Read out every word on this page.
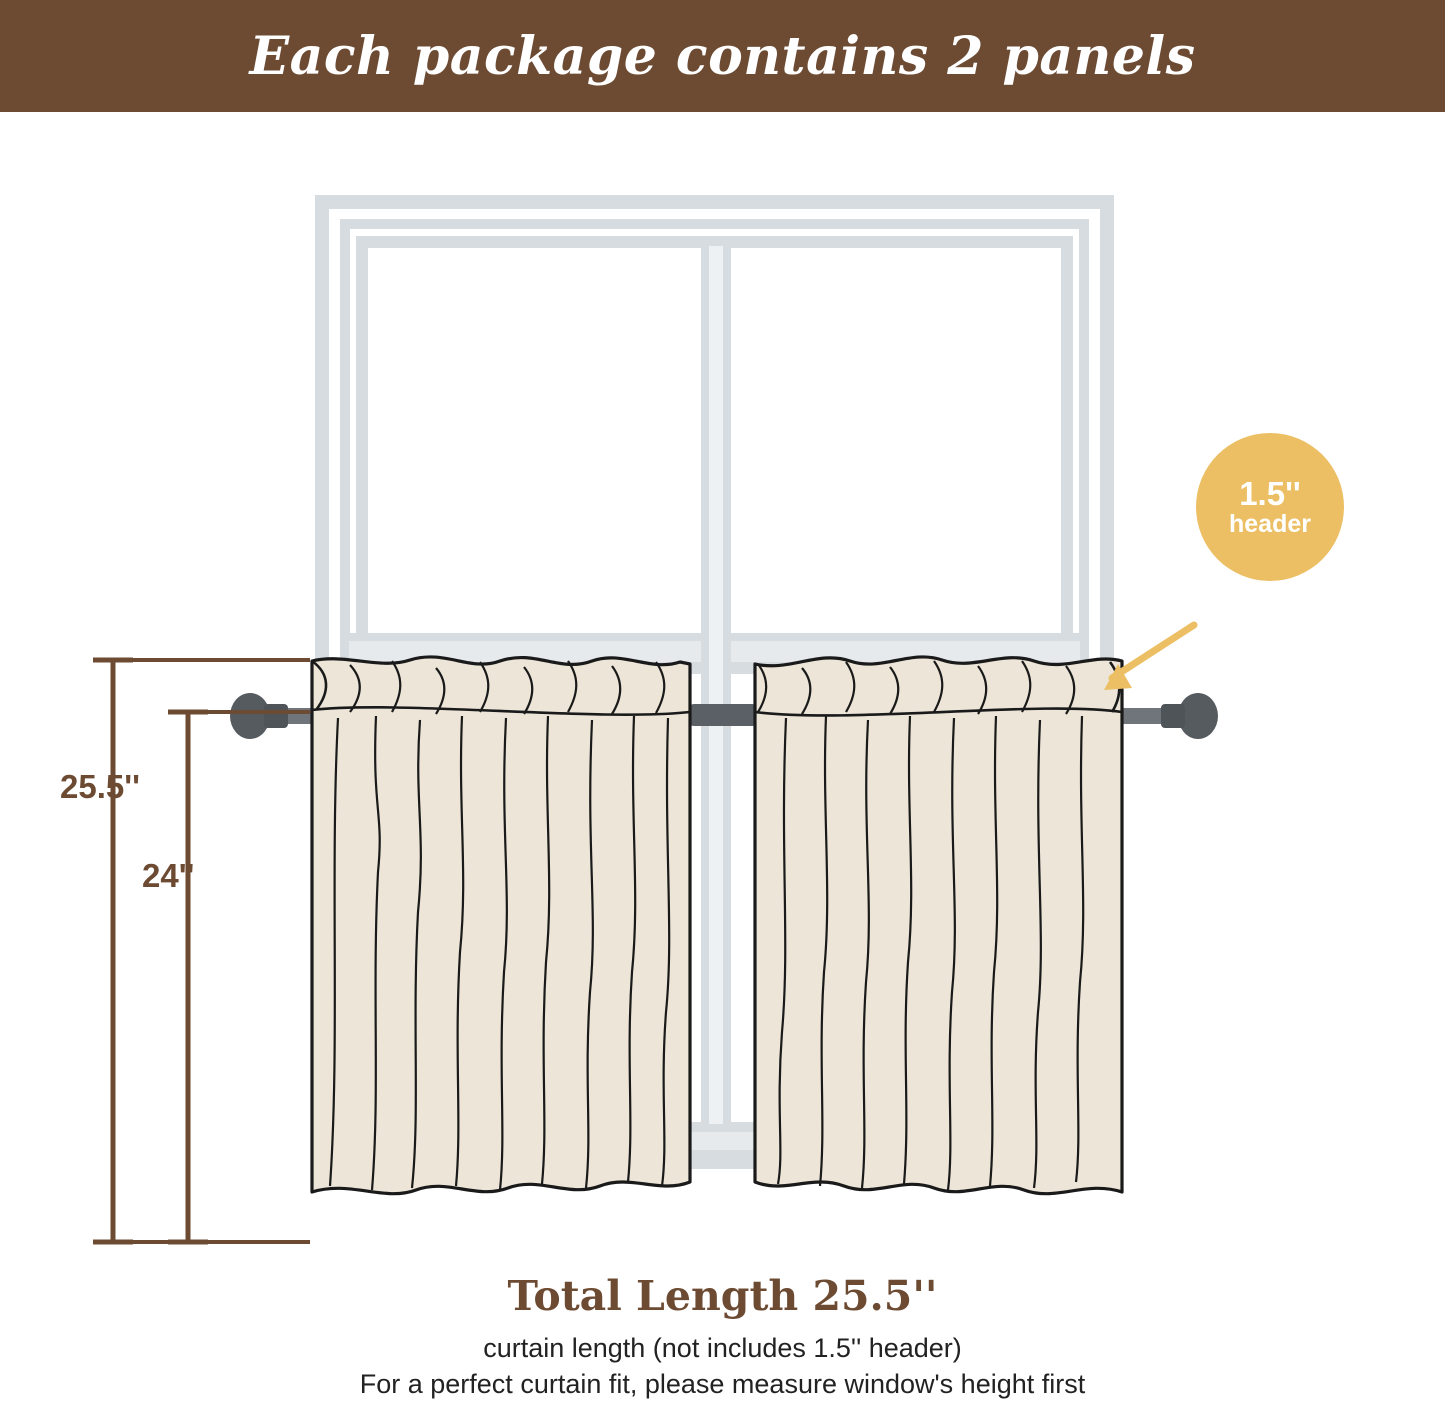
Each package contains 2 panels
1.5''
header
25.5''
24''
Total Length 25.5''
curtain length (not includes 1.5'' header)
For a perfect curtain fit, please measure window's height first
